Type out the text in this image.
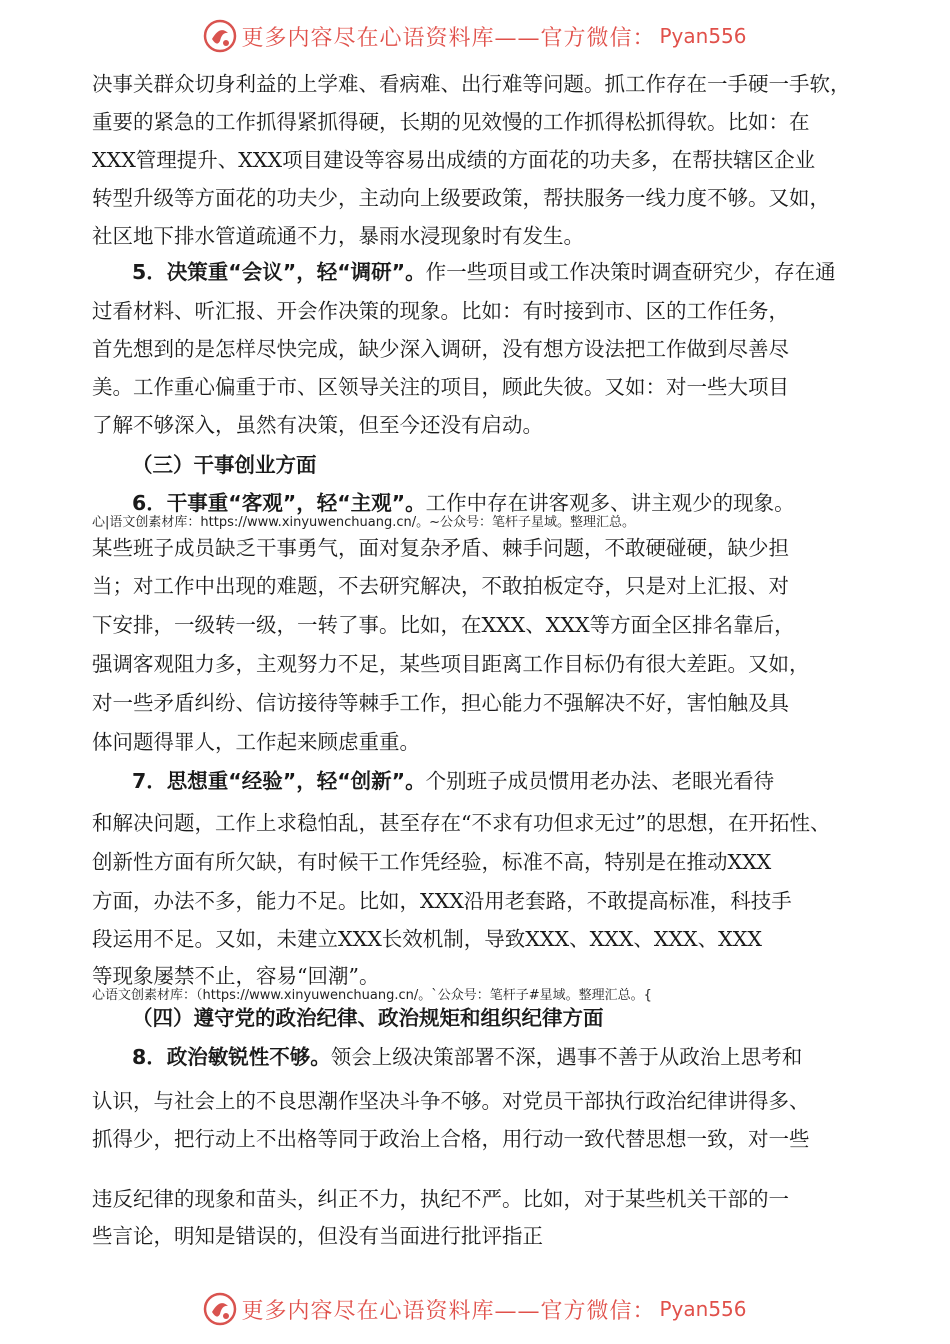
更多内容尽在心语资料库——官方微信： Pyan556
决事关群众切身利益的上学难、看病难、出行难等问题。抓工作存在一手硬一手软，
重要的紧急的工作抓得紧抓得硬，长期的见效慢的工作抓得松抓得软。比如：在
XXX管理提升、XXX项目建设等容易出成绩的方面花的功夫多，在帮扶辖区企业
转型升级等方面花的功夫少，主动向上级要政策，帮扶服务一线力度不够。又如，
社区地下排水管道疏通不力，暴雨水浸现象时有发生。
5．决策重“会议”，轻“调研”。作一些项目或工作决策时调查研究少，存在通
过看材料、听汇报、开会作决策的现象。比如：有时接到市、区的工作任务，
首先想到的是怎样尽快完成，缺少深入调研，没有想方设法把工作做到尽善尽
美。工作重心偏重于市、区领导关注的项目，顾此失彼。又如：对一些大项目
了解不够深入，虽然有决策，但至今还没有启动。
（三）干事创业方面
6．干事重“客观”，轻“主观”。工作中存在讲客观多、讲主观少的现象。
心|语文创素材库：https://www.xinyuwenchuang.cn/。~公众号：笔杆子星域。整理汇总。
某些班子成员缺乏干事勇气，面对复杂矛盾、棘手问题，不敢硬碰硬，缺少担
当；对工作中出现的难题，不去研究解决，不敢拍板定夺，只是对上汇报、对
下安排，一级转一级，一转了事。比如，在XXX、XXX等方面全区排名靠后，
强调客观阻力多，主观努力不足，某些项目距离工作目标仍有很大差距。又如，
对一些矛盾纠纷、信访接待等棘手工作，担心能力不强解决不好，害怕触及具
体问题得罪人，工作起来顾虑重重。
7．思想重“经验”，轻“创新”。个别班子成员惯用老办法、老眼光看待
和解决问题，工作上求稳怕乱，甚至存在“不求有功但求无过”的思想，在开拓性、
创新性方面有所欠缺，有时候干工作凭经验，标准不高，特别是在推动XXX
方面，办法不多，能力不足。比如，XXX沿用老套路，不敢提高标准，科技手
段运用不足。又如，未建立XXX长效机制，导致XXX、XXX、XXX、XXX
等现象屡禁不止，容易“回潮”。
心语文创素材库：（https://www.xinyuwenchuang.cn/。`公众号：笔杆子#星域。整理汇总。{
（四）遵守党的政治纪律、政治规矩和组织纪律方面
8．政治敏锐性不够。领会上级决策部署不深，遇事不善于从政治上思考和
认识，与社会上的不良思潮作坚决斗争不够。对党员干部执行政治纪律讲得多、
抓得少，把行动上不出格等同于政治上合格，用行动一致代替思想一致，对一些
违反纪律的现象和苗头，纠正不力，执纪不严。比如，对于某些机关干部的一
些言论，明知是错误的，但没有当面进行批评指正
更多内容尽在心语资料库——官方微信： Pyan556
